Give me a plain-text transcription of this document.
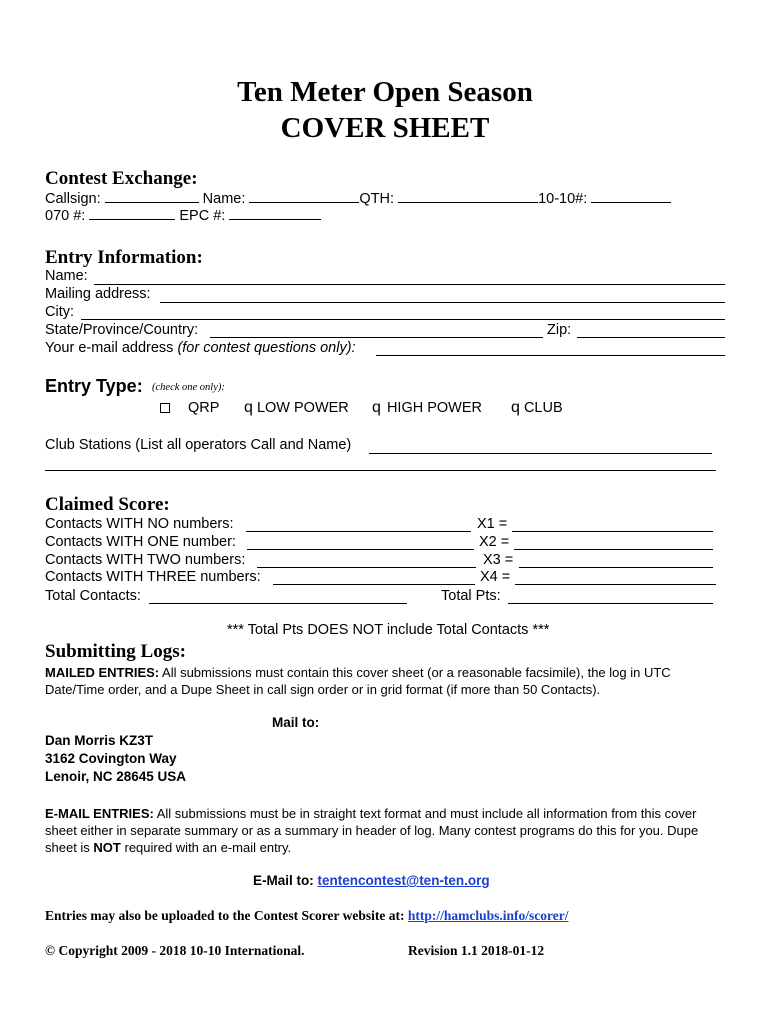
Ten Meter Open Season
COVER SHEET
Contest Exchange:
Callsign:	Name:	QTH:	10-10#:
070 #:	EPC #:
Entry Information:
Name:
Mailing address:
City:
State/Province/Country:	Zip:
Your e-mail address (for contest questions only):
Entry Type: (check one only):
QRP q LOW POWER q HIGH POWER q CLUB
Club Stations (List all operators Call and Name)
Claimed Score:
Contacts WITH NO numbers:	X1 =
Contacts WITH ONE number:	X2 =
Contacts WITH TWO numbers:	X3 =
Contacts WITH THREE numbers:	X4 =
Total Contacts:	Total Pts:
*** Total Pts DOES NOT include Total Contacts ***
Submitting Logs:
MAILED ENTRIES: All submissions must contain this cover sheet (or a reasonable facsimile), the log in UTC Date/Time order, and a Dupe Sheet in call sign order or in grid format (if more than 50 Contacts).
Mail to:
Dan Morris KZ3T
3162 Covington Way
Lenoir, NC 28645 USA
E-MAIL ENTRIES: All submissions must be in straight text format and must include all information from this cover sheet either in separate summary or as a summary in header of log. Many contest programs do this for you. Dupe sheet is NOT required with an e-mail entry.
E-Mail to: tentencontest@ten-ten.org
Entries may also be uploaded to the Contest Scorer website at: http://hamclubs.info/scorer/
© Copyright 2009 - 2018 10-10 International.	Revision 1.1 2018-01-12
